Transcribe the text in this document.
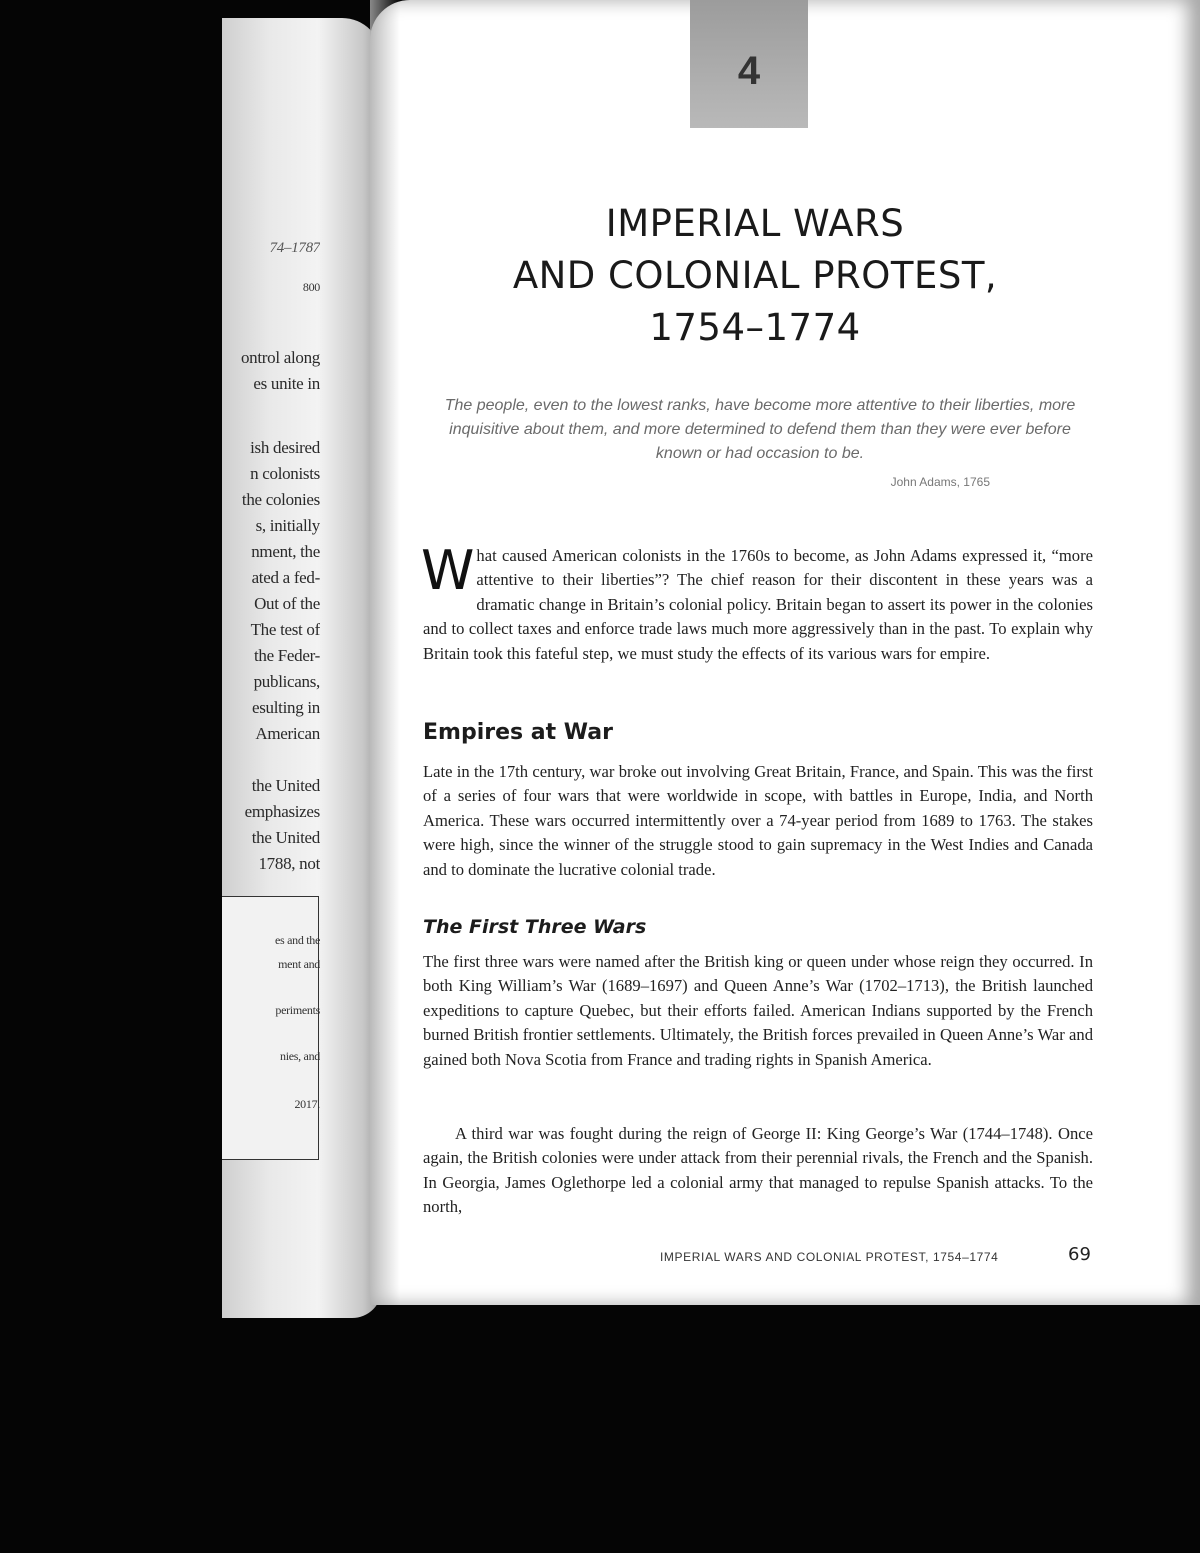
74–1787
800
ontrol along
es unite in
ish desired
n colonists
the colonies
s, initially
nment, the
ated a fed-
Out of the
The test of
the Feder-
publicans,
esulting in
American
the United
emphasizes
the United
1788, not
es and the
ment and
periments
nies, and
2017.
4
IMPERIAL WARS
AND COLONIAL PROTEST,
1754–1774
The people, even to the lowest ranks, have become more attentive to their liberties, more inquisitive about them, and more determined to defend them than they were ever before known or had occasion to be.
John Adams, 1765
What caused American colonists in the 1760s to become, as John Adams expressed it, “more attentive to their liberties”? The chief reason for their discontent in these years was a dramatic change in Britain’s colonial policy. Britain began to assert its power in the colonies and to collect taxes and enforce trade laws much more aggressively than in the past. To explain why Britain took this fateful step, we must study the effects of its various wars for empire.
Empires at War
Late in the 17th century, war broke out involving Great Britain, France, and Spain. This was the first of a series of four wars that were worldwide in scope, with battles in Europe, India, and North America. These wars occurred intermittently over a 74-year period from 1689 to 1763. The stakes were high, since the winner of the struggle stood to gain supremacy in the West Indies and Canada and to dominate the lucrative colonial trade.
The First Three Wars
The first three wars were named after the British king or queen under whose reign they occurred. In both King William’s War (1689–1697) and Queen Anne’s War (1702–1713), the British launched expeditions to capture Quebec, but their efforts failed. American Indians supported by the French burned British frontier settlements. Ultimately, the British forces prevailed in Queen Anne’s War and gained both Nova Scotia from France and trading rights in Spanish America.
A third war was fought during the reign of George II: King George’s War (1744–1748). Once again, the British colonies were under attack from their perennial rivals, the French and the Spanish. In Georgia, James Oglethorpe led a colonial army that managed to repulse Spanish attacks. To the north,
IMPERIAL WARS AND COLONIAL PROTEST, 1754–1774	69
